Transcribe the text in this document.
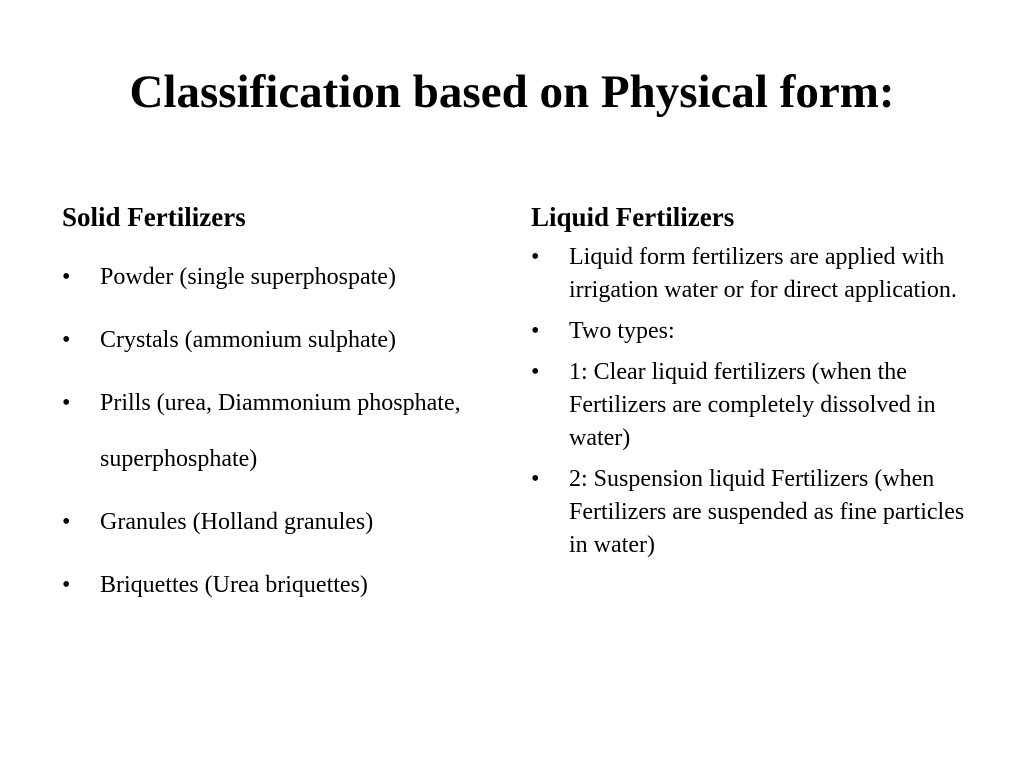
Classification based on Physical form:
Solid Fertilizers
• Powder (single superphospate)
• Crystals (ammonium sulphate)
• Prills (urea, Diammonium phosphate, superphosphate)
• Granules (Holland granules)
• Briquettes (Urea briquettes)
Liquid Fertilizers
• Liquid form fertilizers are applied with irrigation water or for direct application.
• Two types:
• 1: Clear liquid fertilizers (when the Fertilizers are completely dissolved in water)
• 2: Suspension liquid Fertilizers (when Fertilizers are suspended as fine particles in water)
